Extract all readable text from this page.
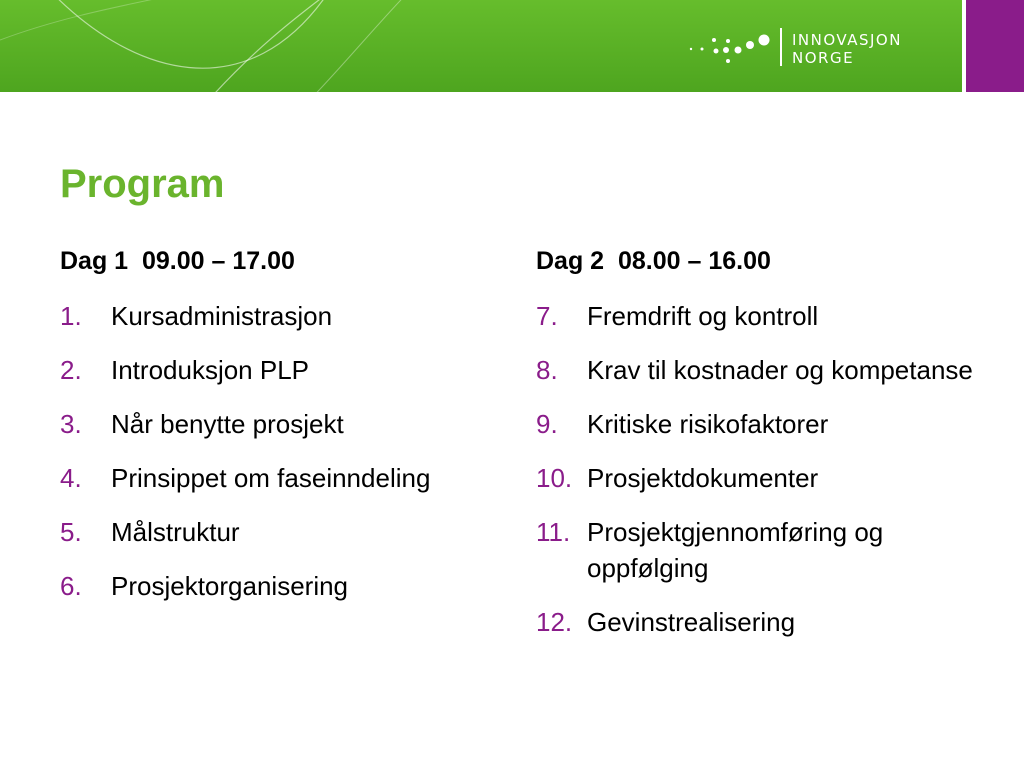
INNOVASJON
NORGE
Program
Dag 1  09.00 – 17.00
1. Kursadministrasjon
2. Introduksjon PLP
3. Når benytte prosjekt
4. Prinsippet om faseinndeling
5. Målstruktur
6. Prosjektorganisering
Dag 2  08.00 – 16.00
7. Fremdrift og kontroll
8. Krav til kostnader og kompetanse
9. Kritiske risikofaktorer
10. Prosjektdokumenter
11. Prosjektgjennomføring og oppfølging
12. Gevinstrealisering
